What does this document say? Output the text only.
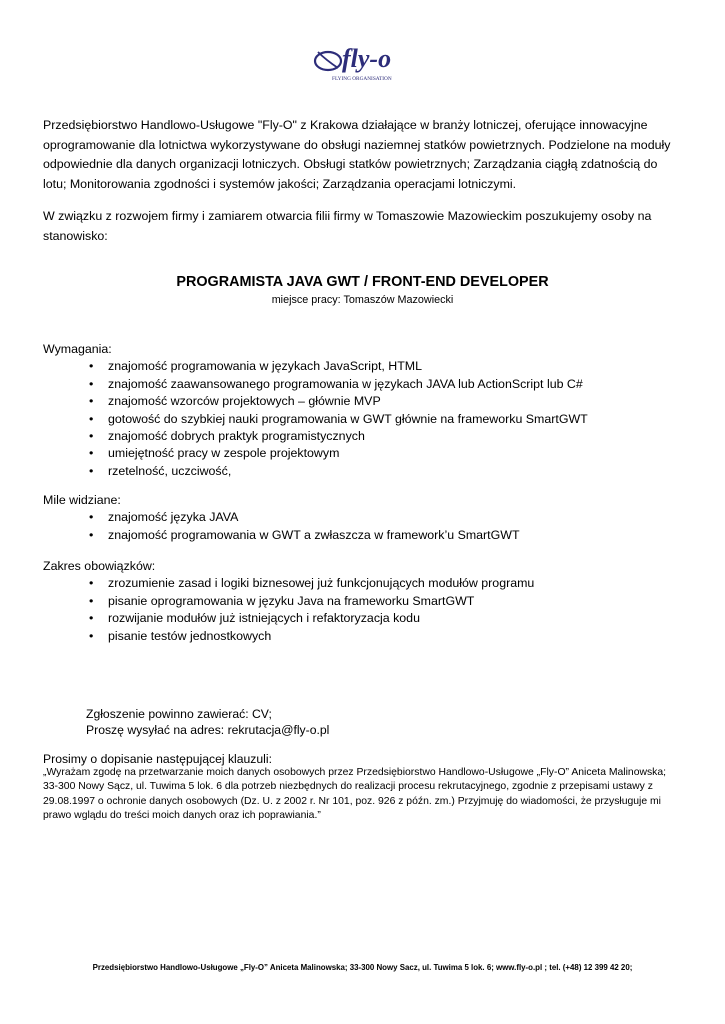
fly-o
FLYING ORGANISATION

Przedsiębiorstwo Handlowo-Usługowe "Fly-O" z Krakowa działające w branży lotniczej, oferujące innowacyjne oprogramowanie dla lotnictwa wykorzystywane do obsługi naziemnej statków powietrznych. Podzielone na moduły odpowiednie dla danych organizacji lotniczych. Obsługi statków powietrznych; Zarządzania ciągłą zdatnością do lotu; Monitorowania zgodności i systemów jakości; Zarządzania operacjami lotniczymi.

W związku z rozwojem firmy i zamiarem otwarcia filii firmy w Tomaszowie Mazowieckim poszukujemy osoby na stanowisko:

PROGRAMISTA JAVA GWT / FRONT-END DEVELOPER
miejsce pracy: Tomaszów Mazowiecki

Wymagania:

• znajomość programowania w językach JavaScript, HTML
• znajomość zaawansowanego programowania w językach JAVA lub ActionScript lub C#
• znajomość wzorców projektowych – głównie MVP
• gotowość do szybkiej nauki programowania w GWT głównie na frameworku SmartGWT
• znajomość dobrych praktyk programistycznych
• umiejętność pracy w zespole projektowym
• rzetelność, uczciwość,

Mile widziane:

• znajomość języka JAVA
• znajomość programowania w GWT a zwłaszcza w framework’u SmartGWT

Zakres obowiązków:

• zrozumienie zasad i logiki biznesowej już funkcjonujących modułów programu
• pisanie oprogramowania w języku Java na frameworku SmartGWT
• rozwijanie modułów już istniejących i refaktoryzacja kodu
• pisanie testów jednostkowych
Zgłoszenie powinno zawierać: CV;
Proszę wysyłać na adres: rekrutacja@fly-o.pl
Prosimy o dopisanie następującej klauzuli:
„Wyrażam zgodę na przetwarzanie moich danych osobowych przez Przedsiębiorstwo Handlowo-Usługowe „Fly-O” Aniceta Malinowska; 33-300 Nowy Sącz, ul. Tuwima 5 lok. 6 dla potrzeb niezbędnych do realizacji procesu rekrutacyjnego, zgodnie z przepisami ustawy z 29.08.1997 o ochronie danych osobowych (Dz. U. z 2002 r. Nr 101, poz. 926 z późn. zm.) Przyjmuję do wiadomości, że przysługuje mi prawo wglądu do treści moich danych oraz ich poprawiania.”
Przedsiębiorstwo Handlowo-Usługowe „Fly-O” Aniceta Malinowska; 33-300 Nowy Sacz, ul. Tuwima 5 lok. 6; www.fly-o.pl ; tel. (+48) 12 399 42 20;
